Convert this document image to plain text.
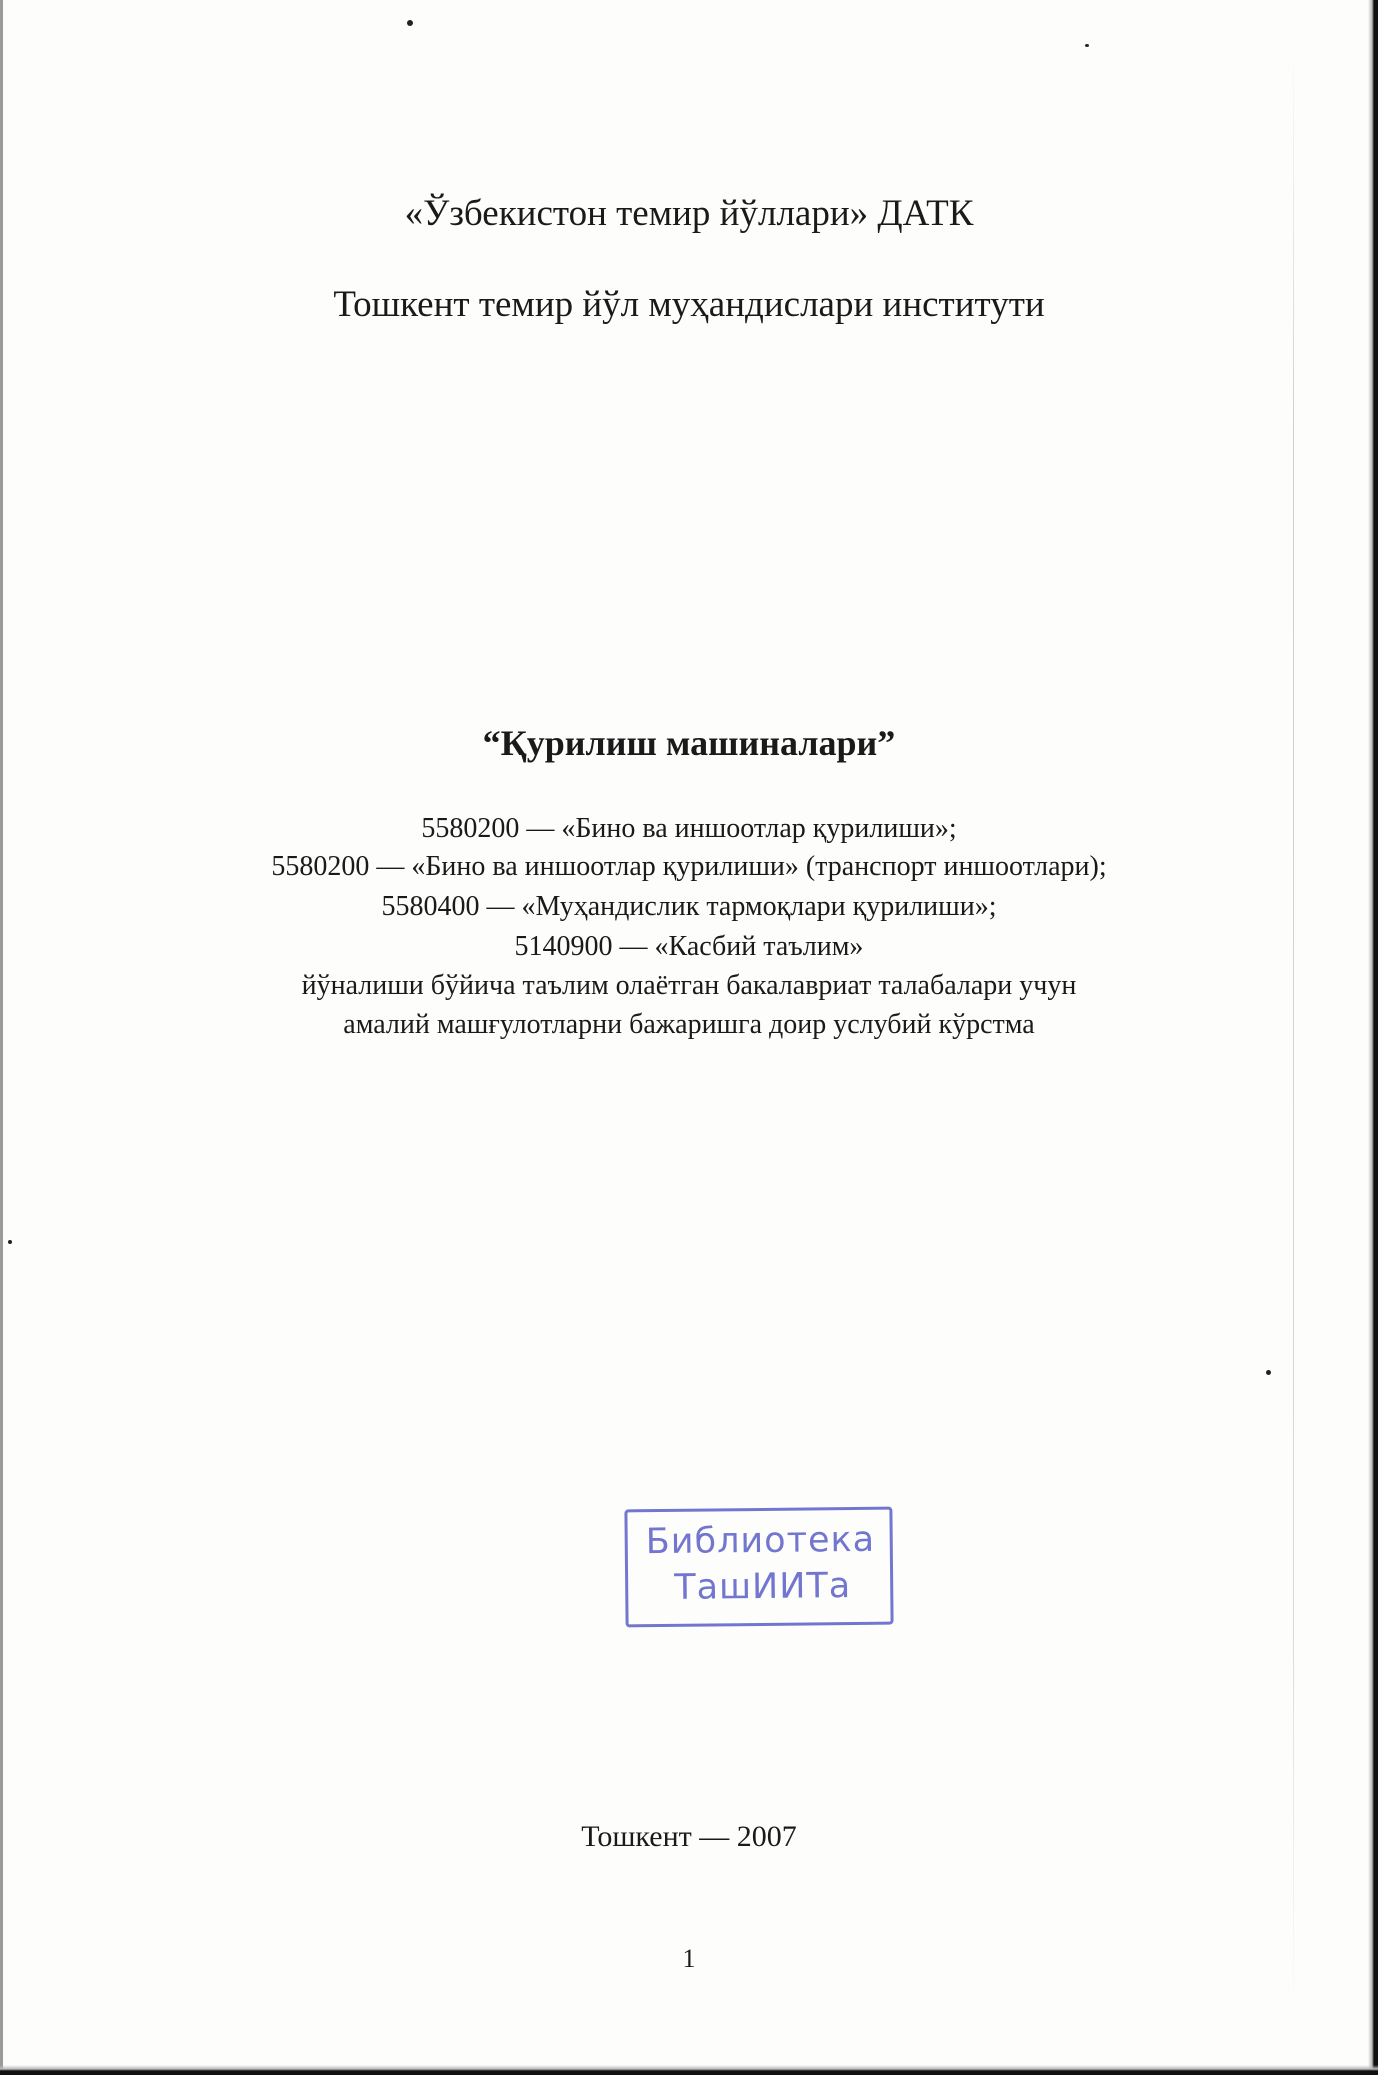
«Ўзбекистон темир йўллари» ДАТК
Тошкент темир йўл муҳандислари институти
“Қурилиш машиналари”
5580200 — «Бино ва иншоотлар қурилиши»;
5580200 — «Бино ва иншоотлар қурилиши» (транспорт иншоотлари);
5580400 — «Муҳандислик тармоқлари қурилиши»;
5140900 — «Касбий таълим»
йўналиши бўйича таълим олаётган бакалавриат талабалари учун
амалий машғулотларни бажаришга доир услубий кўрстма
Библиотека
ТашИИТа
Тошкент — 2007
1
